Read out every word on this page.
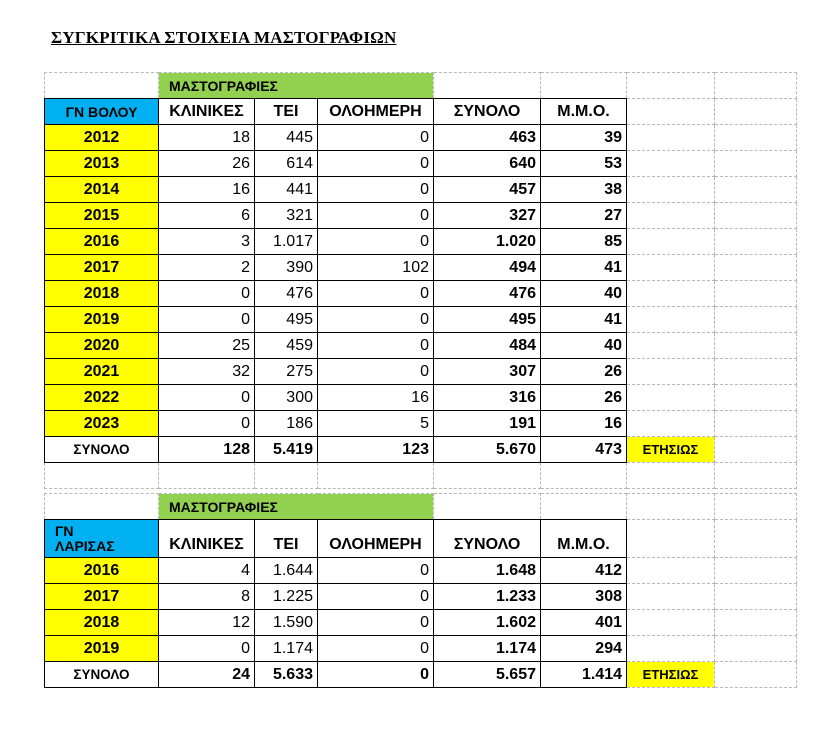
ΣΥΓΚΡΙΤΙΚΑ ΣΤΟΙΧΕΙΑ ΜΑΣΤΟΓΡΑΦΙΩΝ
	ΜΑΣΤΟΓΡΑΦΙΕΣ						
ΓΝ ΒΟΛΟΥ	ΚΛΙΝΙΚΕΣ	ΤΕΙ	ΟΛΟΗΜΕΡΗ	ΣΥΝΟΛΟ	Μ.Μ.Ο.		
2012	18	445	0	463	39		
2013	26	614	0	640	53		
2014	16	441	0	457	38		
2015	6	321	0	327	27		
2016	3	1.017	0	1.020	85		
2017	2	390	102	494	41		
2018	0	476	0	476	40		
2019	0	495	0	495	41		
2020	25	459	0	484	40		
2021	32	275	0	307	26		
2022	0	300	16	316	26		
2023	0	186	5	191	16		
ΣΥΝΟΛΟ	128	5.419	123	5.670	473	ΕΤΗΣΙΩΣ	

	ΜΑΣΤΟΓΡΑΦΙΕΣ						
ΓΝ
ΛΑΡΙΣΑΣ	ΚΛΙΝΙΚΕΣ	ΤΕΙ	ΟΛΟΗΜΕΡΗ	ΣΥΝΟΛΟ	Μ.Μ.Ο.		
2016	4	1.644	0	1.648	412		
2017	8	1.225	0	1.233	308		
2018	12	1.590	0	1.602	401		
2019	0	1.174	0	1.174	294		
ΣΥΝΟΛΟ	24	5.633	0	5.657	1.414	ΕΤΗΣΙΩΣ	
